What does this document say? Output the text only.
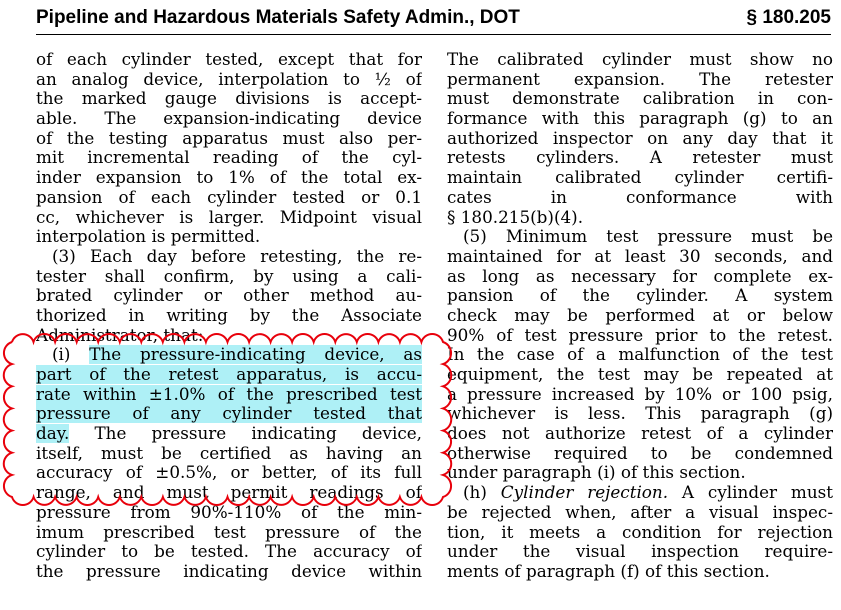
Pipeline and Hazardous Materials Safety Admin., DOT	§ 180.205
of each cylinder tested, except that for
an analog device, interpolation to ½ of
the marked gauge divisions is accept-
able. The expansion-indicating device
of the testing apparatus must also per-
mit incremental reading of the cyl-
inder expansion to 1% of the total ex-
pansion of each cylinder tested or 0.1
cc, whichever is larger. Midpoint visual
interpolation is permitted.
(3) Each day before retesting, the re-
tester shall confirm, by using a cali-
brated cylinder or other method au-
thorized in writing by the Associate
Administrator, that:
(i) The pressure-indicating device, as
part of the retest apparatus, is accu-
rate within ±1.0% of the prescribed test
pressure of any cylinder tested that
day. The pressure indicating device,
itself, must be certified as having an
accuracy of ±0.5%, or better, of its full
range, and must permit readings of
pressure from 90%-110% of the min-
imum prescribed test pressure of the
cylinder to be tested. The accuracy of
the pressure indicating device within
The calibrated cylinder must show no
permanent expansion. The retester
must demonstrate calibration in con-
formance with this paragraph (g) to an
authorized inspector on any day that it
retests cylinders. A retester must
maintain calibrated cylinder certifi-
cates in conformance with
§ 180.215(b)(4).
(5) Minimum test pressure must be
maintained for at least 30 seconds, and
as long as necessary for complete ex-
pansion of the cylinder. A system
check may be performed at or below
90% of test pressure prior to the retest.
In the case of a malfunction of the test
equipment, the test may be repeated at
a pressure increased by 10% or 100 psig,
whichever is less. This paragraph (g)
does not authorize retest of a cylinder
otherwise required to be condemned
under paragraph (i) of this section.
(h) Cylinder rejection. A cylinder must
be rejected when, after a visual inspec-
tion, it meets a condition for rejection
under the visual inspection require-
ments of paragraph (f) of this section.
